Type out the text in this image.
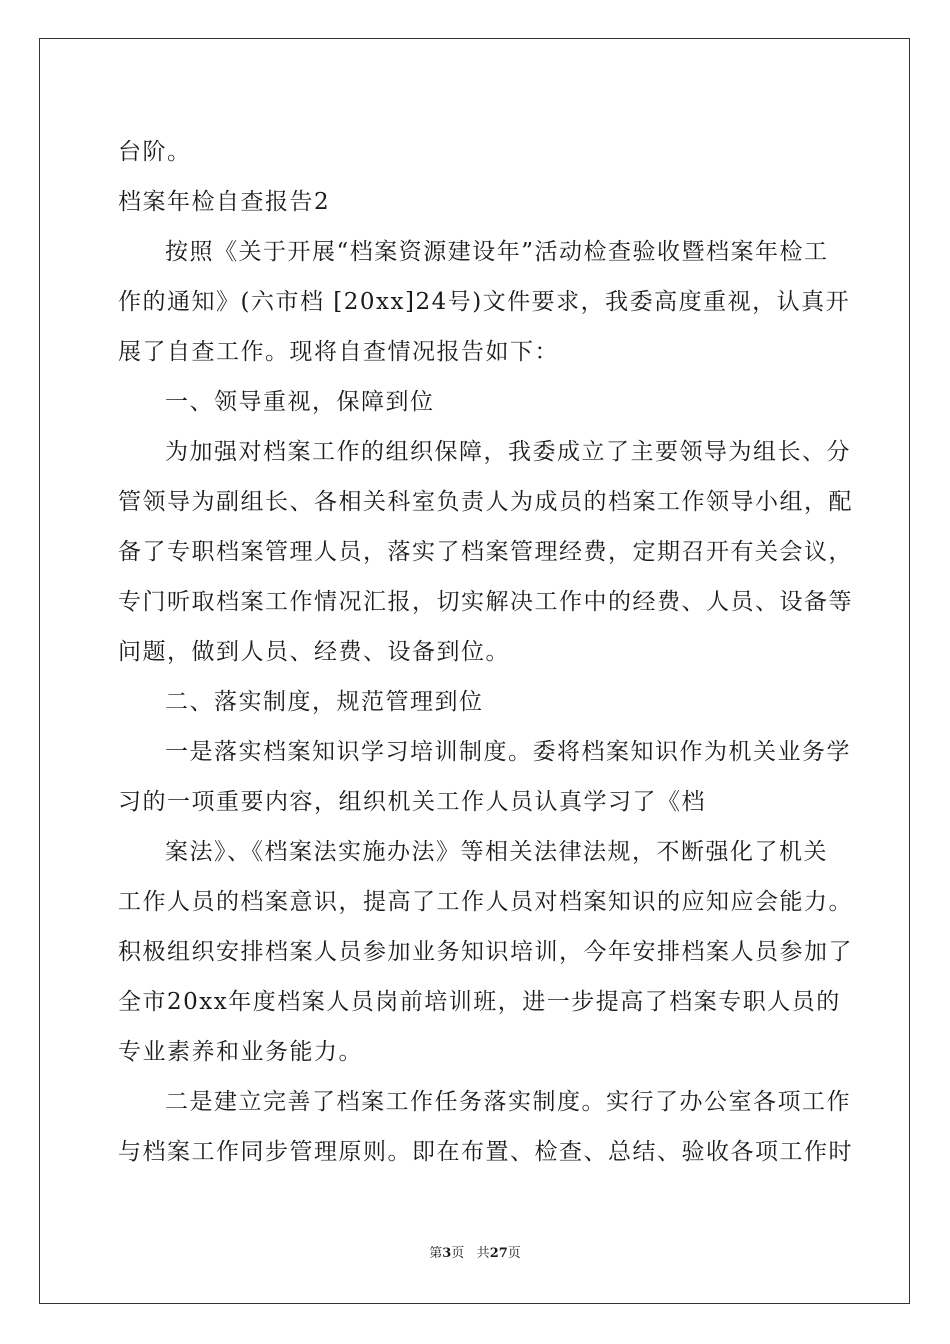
台阶。
档案年检自查报告2
按照《关于开展“档案资源建设年”活动检查验收暨档案年检工
作的通知》(六市档 [20xx]24号)文件要求，我委高度重视，认真开
展了自查工作。现将自查情况报告如下：
一、领导重视，保障到位
为加强对档案工作的组织保障，我委成立了主要领导为组长、分
管领导为副组长、各相关科室负责人为成员的档案工作领导小组，配
备了专职档案管理人员，落实了档案管理经费，定期召开有关会议，
专门听取档案工作情况汇报，切实解决工作中的经费、人员、设备等
问题，做到人员、经费、设备到位。
二、落实制度，规范管理到位
一是落实档案知识学习培训制度。委将档案知识作为机关业务学
习的一项重要内容，组织机关工作人员认真学习了《档
案法》、《档案法实施办法》等相关法律法规，不断强化了机关
工作人员的档案意识，提高了工作人员对档案知识的应知应会能力。
积极组织安排档案人员参加业务知识培训，今年安排档案人员参加了
全市20xx年度档案人员岗前培训班，进一步提高了档案专职人员的
专业素养和业务能力。
二是建立完善了档案工作任务落实制度。实行了办公室各项工作
与档案工作同步管理原则。即在布置、检查、总结、验收各项工作时
第3页 共27页
